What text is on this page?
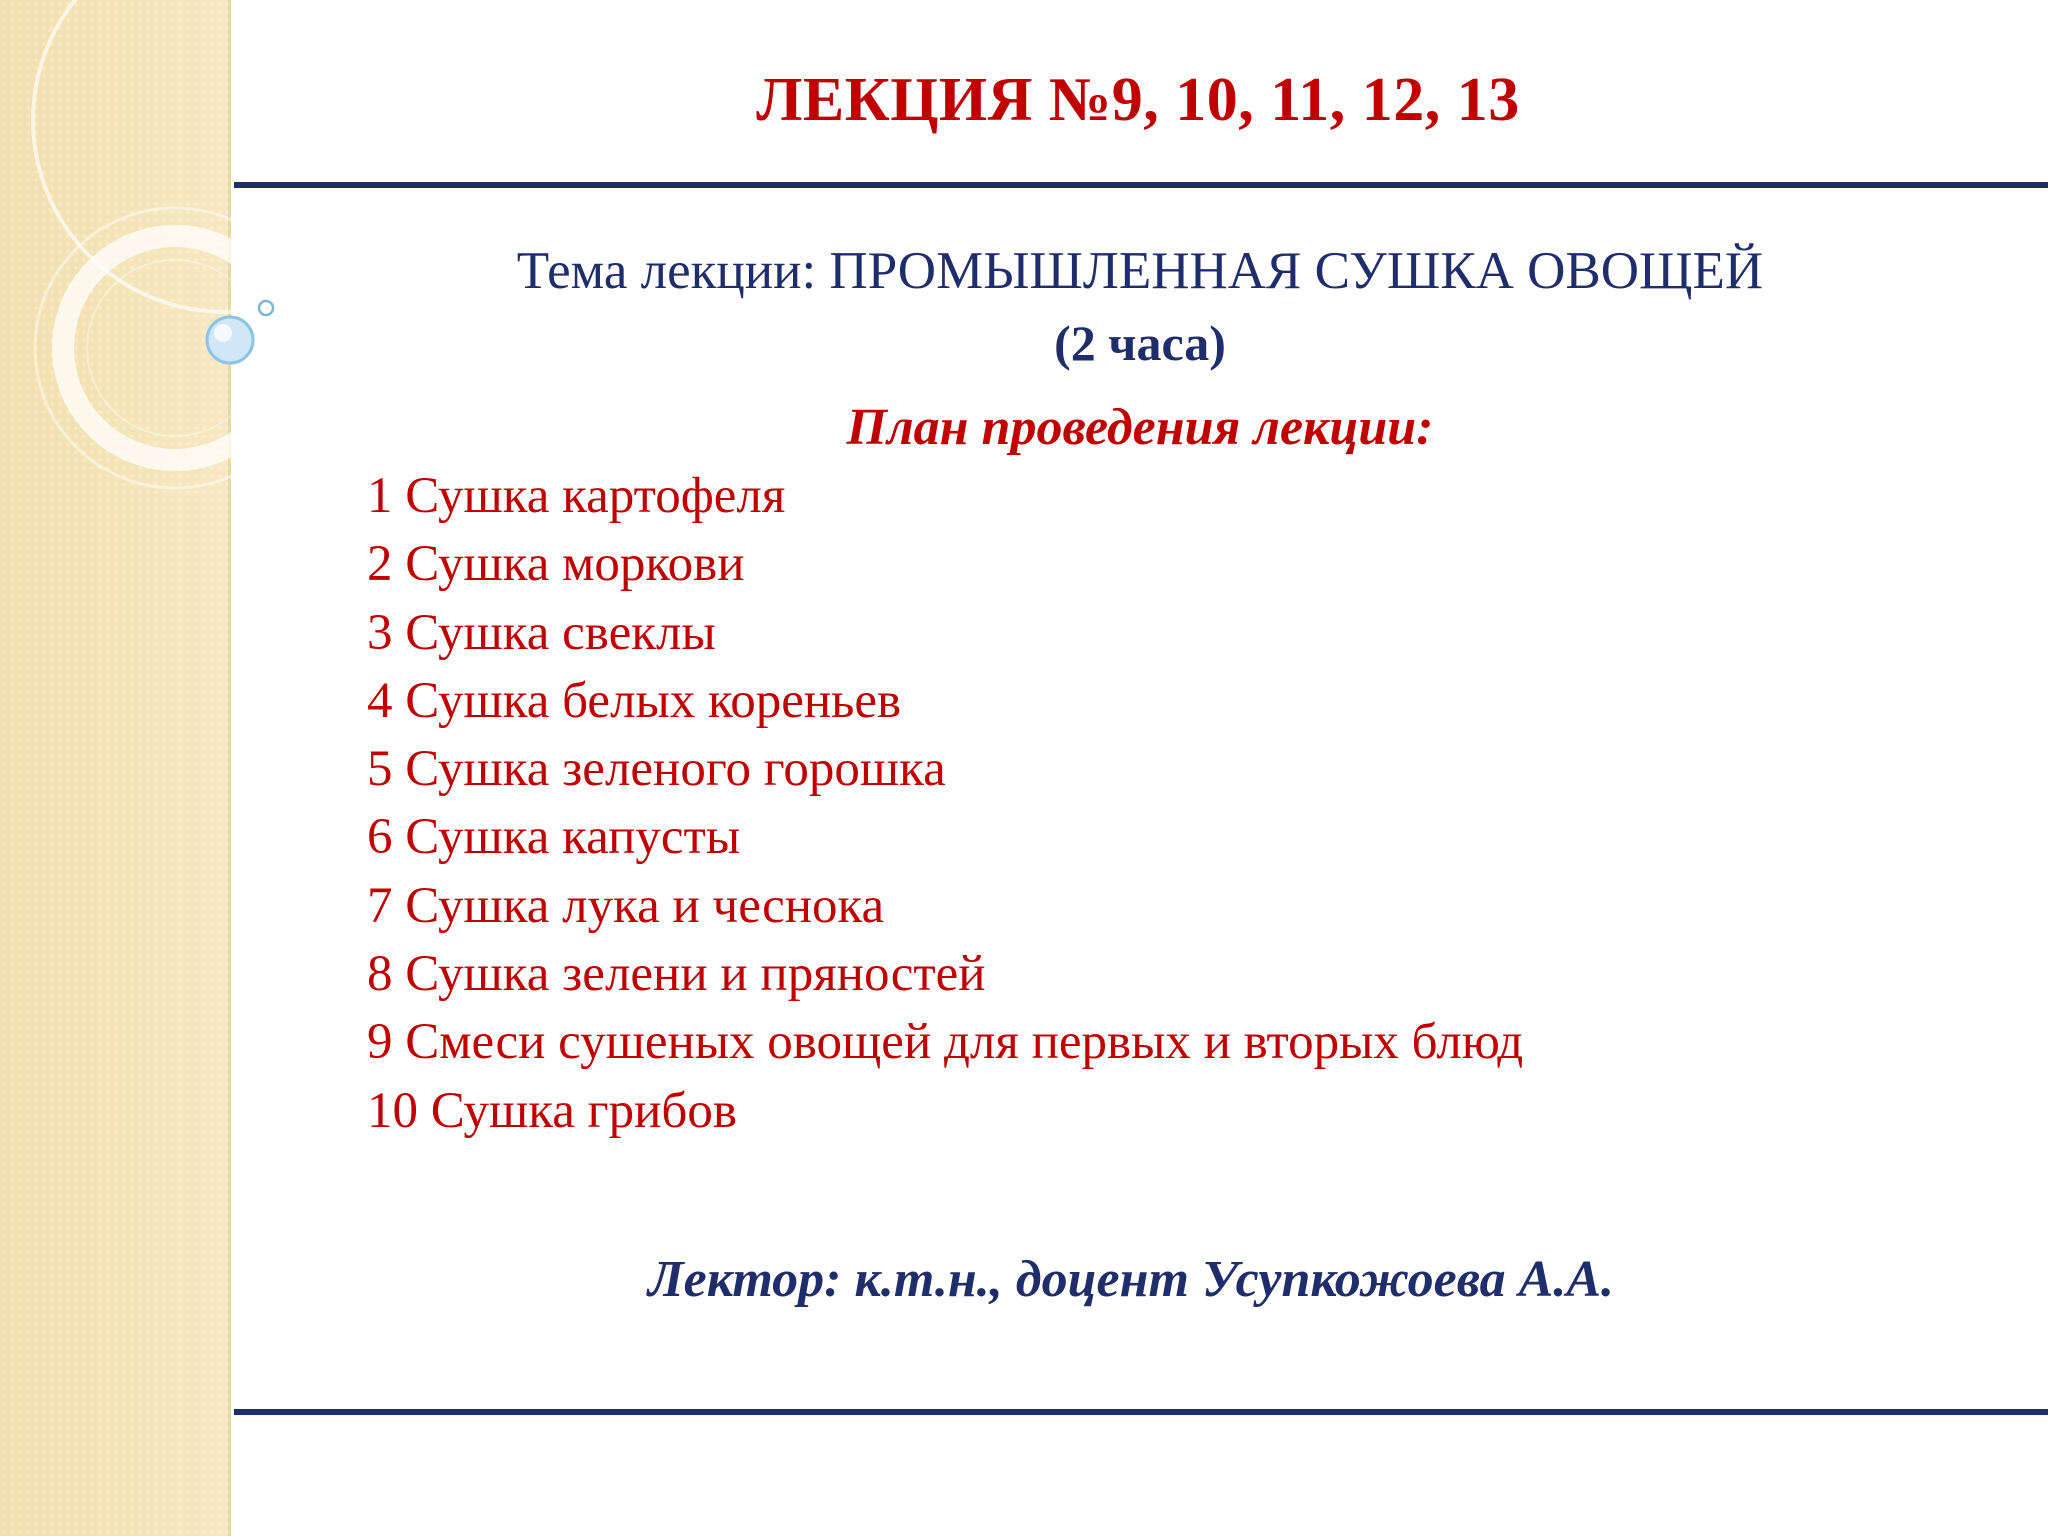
ЛЕКЦИЯ №9, 10, 11, 12, 13
Тема лекции: ПРОМЫШЛЕННАЯ СУШКА ОВОЩЕЙ
(2 часа)
План проведения лекции:
1 Сушка картофеля
2 Сушка моркови
3 Сушка свеклы
4 Сушка белых кореньев
5 Сушка зеленого горошка
6 Сушка капусты
7 Сушка лука и чеснока
8 Сушка зелени и пряностей
9 Смеси сушеных овощей для первых и вторых блюд
10 Сушка грибов
Лектор: к.т.н., доцент Усупкожоева А.А.
